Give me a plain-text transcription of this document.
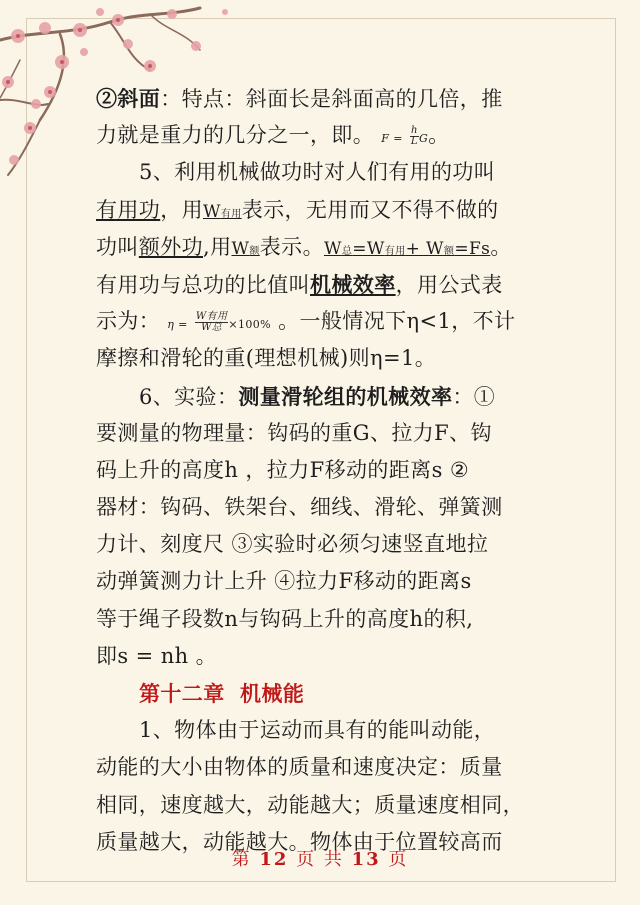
②斜面：特点：斜面长是斜面高的几倍，推
力就是重力的几分之一，即。 $F = \frac{h}{L}$ G。
5、利用机械做功时对人们有用的功叫
有用功，用W有用表示，无用而又不得不做的
功叫额外功,用W额表示。W总=W有用+ W额=Fs。
有用功与总功的比值叫机械效率，用公式表
示为： $\eta = \frac{\text{W有用}}{\text{W总}} \times 100\%$ 。一般情况下η<1，不计
摩擦和滑轮的重(理想机械)则η=1。
6、实验：测量滑轮组的机械效率：①
要测量的物理量：钩码的重G、拉力F、钩
码上升的高度h ，拉力F移动的距离s ②
器材：钩码、铁架台、细线、滑轮、弹簧测
力计、刻度尺 ③实验时必须匀速竖直地拉
动弹簧测力计上升 ④拉力F移动的距离s
等于绳子段数n与钩码上升的高度h的积,
即s = nh 。
第十二章  机械能
1、物体由于运动而具有的能叫动能，
动能的大小由物体的质量和速度决定：质量
相同，速度越大，动能越大；质量速度相同，
质量越大，动能越大。物体由于位置较高而
第 12 页 共 13 页
